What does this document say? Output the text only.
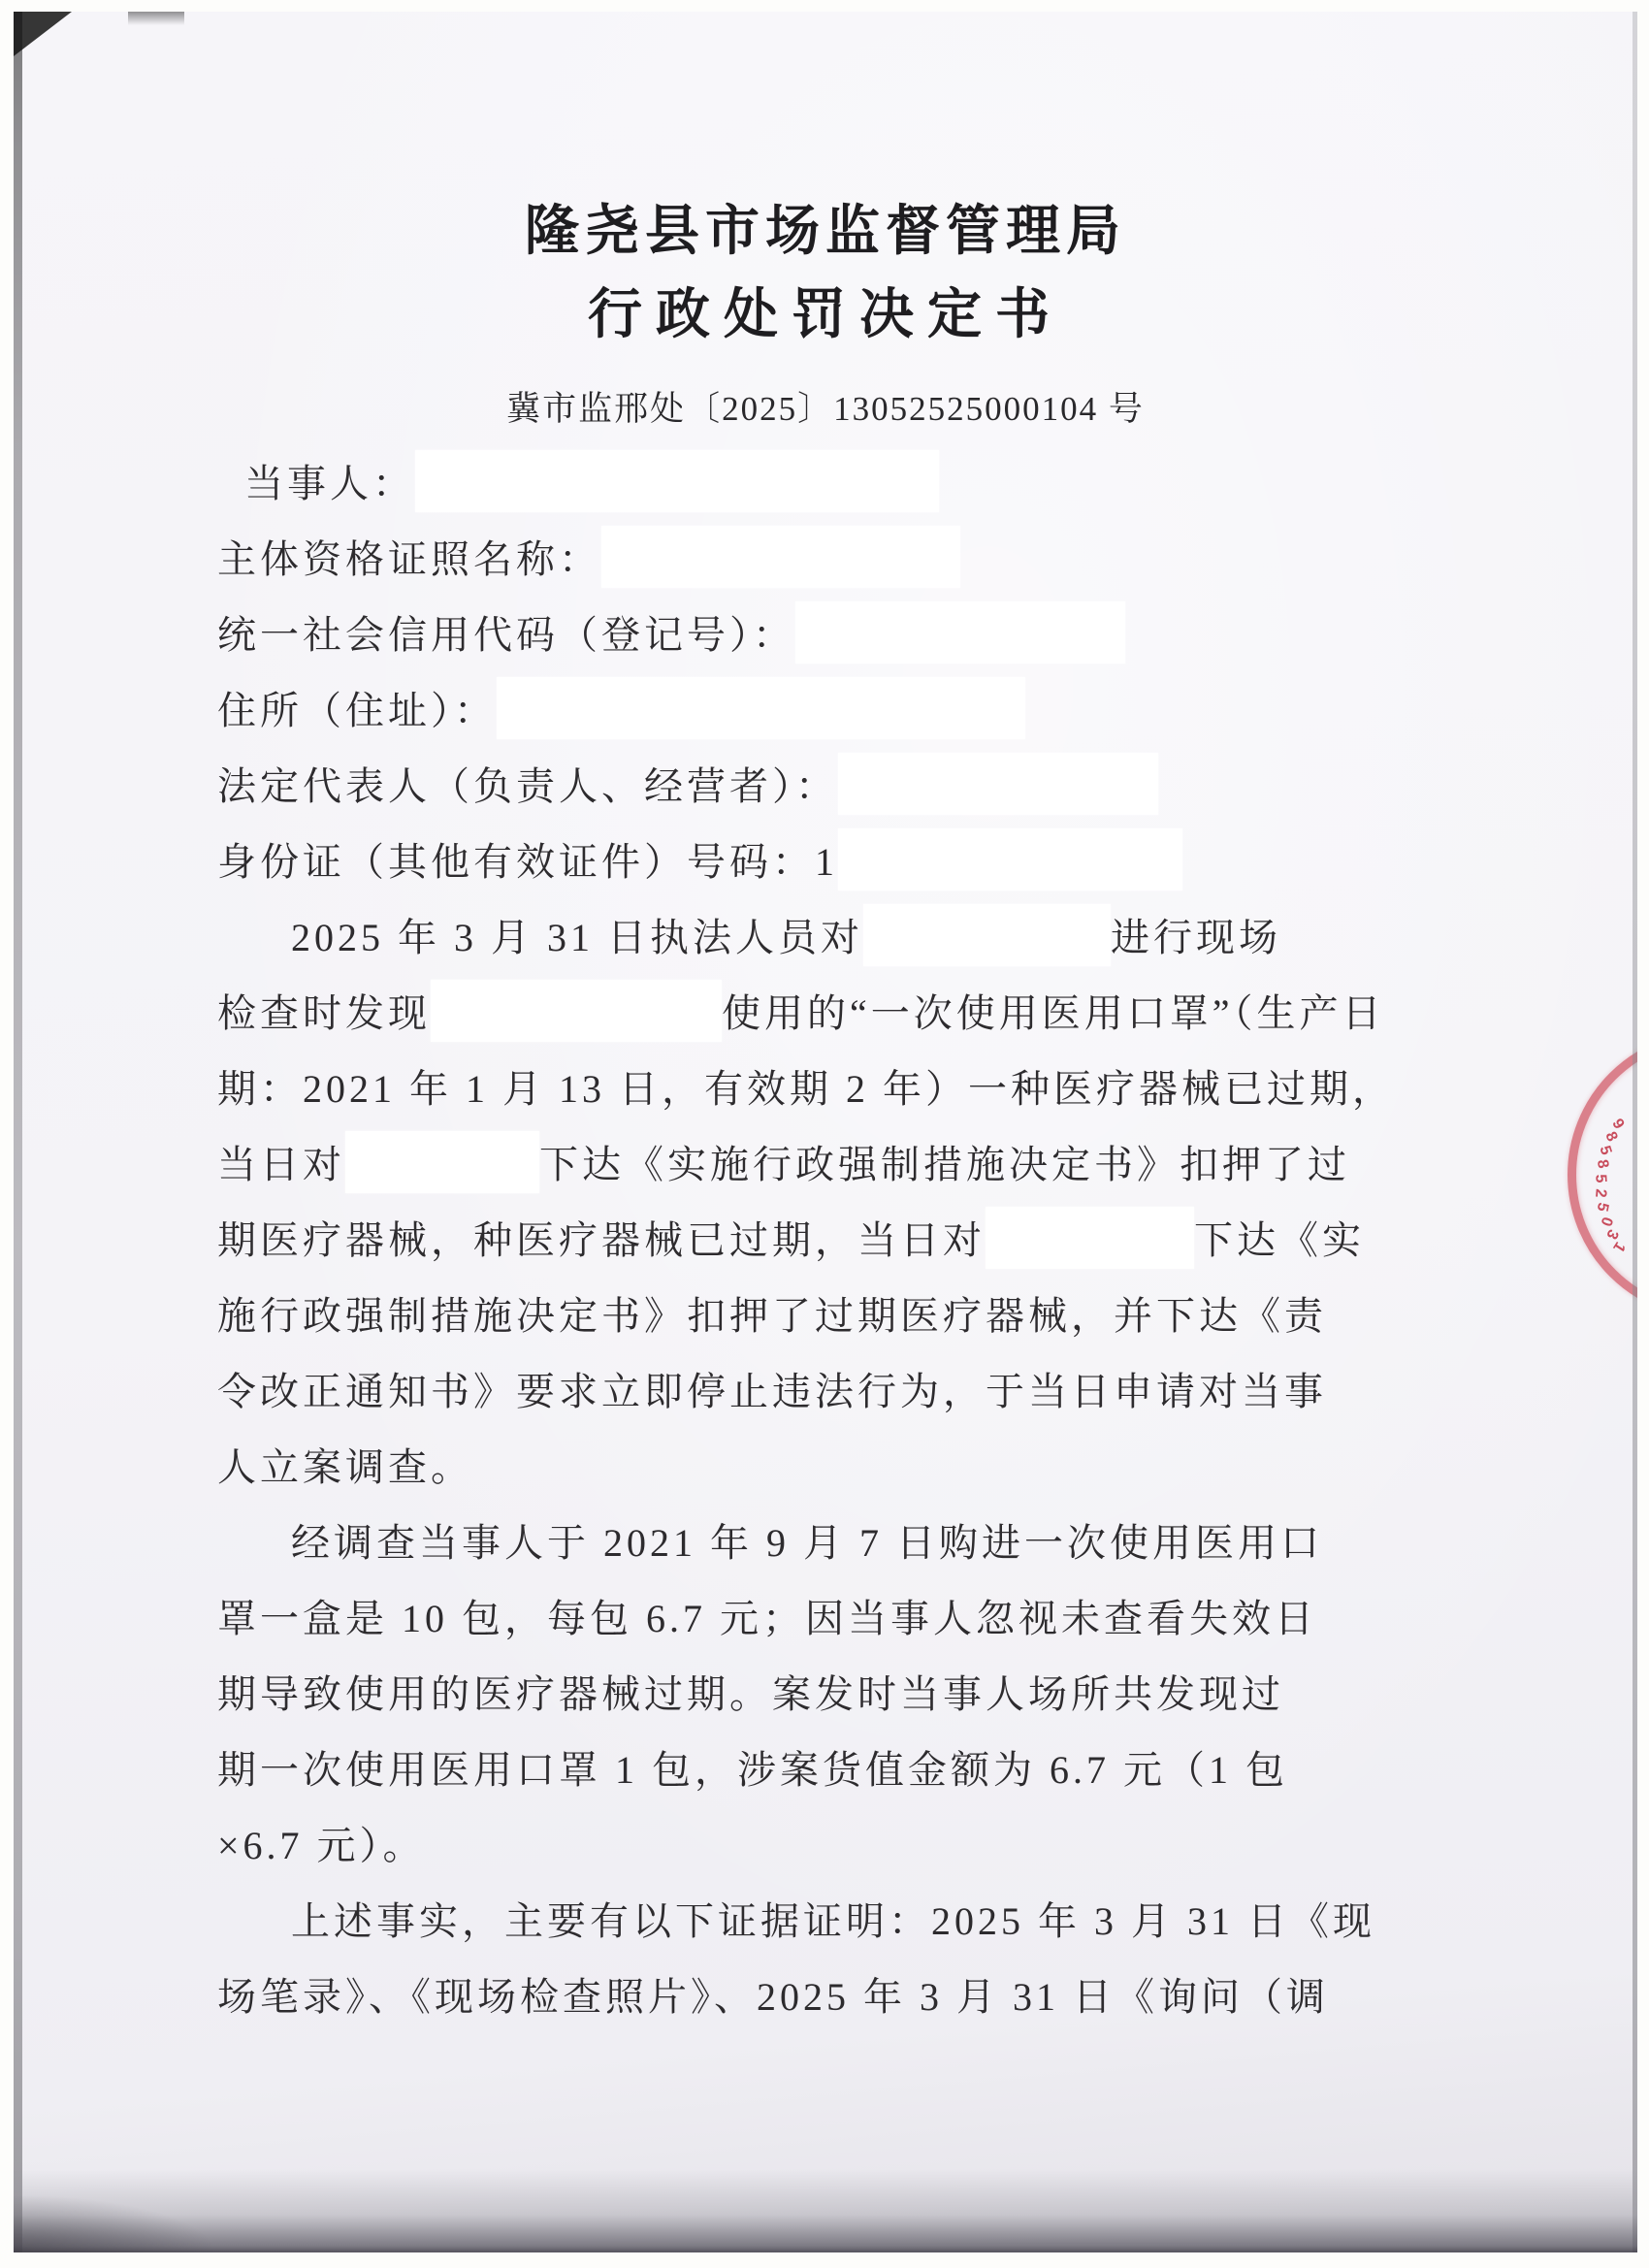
隆尧县市场监督管理局
行政处罚决定书
冀市监邢处〔2025〕13052525000104 号
当事人：
主体资格证照名称：
统一社会信用代码（登记号）：
住所（住址）：
法定代表人（负责人、经营者）：
身份证（其他有效证件）号码：1
2025 年 3 月 31 日执法人员对	进行现场
检查时发现	使用的“一次使用医用口罩”（生产日
期：2021 年 1 月 13 日，有效期 2 年）一种医疗器械已过期，
当日对	下达《实施行政强制措施决定书》扣押了过
期医疗器械，种医疗器械已过期，当日对	下达《实
施行政强制措施决定书》扣押了过期医疗器械，并下达《责
令改正通知书》要求立即停止违法行为，于当日申请对当事
人立案调查。
经调查当事人于 2021 年 9 月 7 日购进一次使用医用口
罩一盒是 10 包，每包 6.7 元；因当事人忽视未查看失效日
期导致使用的医疗器械过期。案发时当事人场所共发现过
期一次使用医用口罩 1 包，涉案货值金额为 6.7 元（1 包
×6.7 元）。
上述事实，主要有以下证据证明：2025 年 3 月 31 日《现
场笔录》、《现场检查照片》、2025 年 3 月 31 日《询问（调
1
3
0
5
2
5
8
5
8
9
